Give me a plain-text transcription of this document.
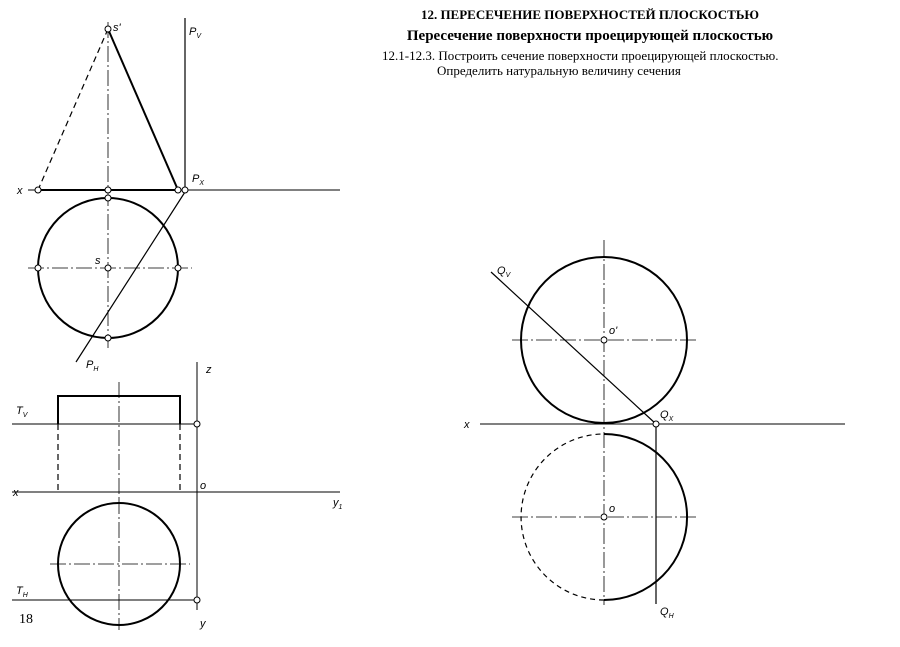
12. ПЕРЕСЕЧЕНИЕ ПОВЕРХНОСТЕЙ ПЛОСКОСТЬЮ
Пересечение поверхности проецирующей плоскостью
12.1-12.3. Построить сечение поверхности проецирующей плоскостью.
Определить натуральную величину сечения
18
s'	$P_V$
$P_X$
x
s
$P_H$	z
$T_V$
o
x
$y_1$
$T_H$
y
$Q_V$
o'
$Q_X$
x
o
$Q_H$
